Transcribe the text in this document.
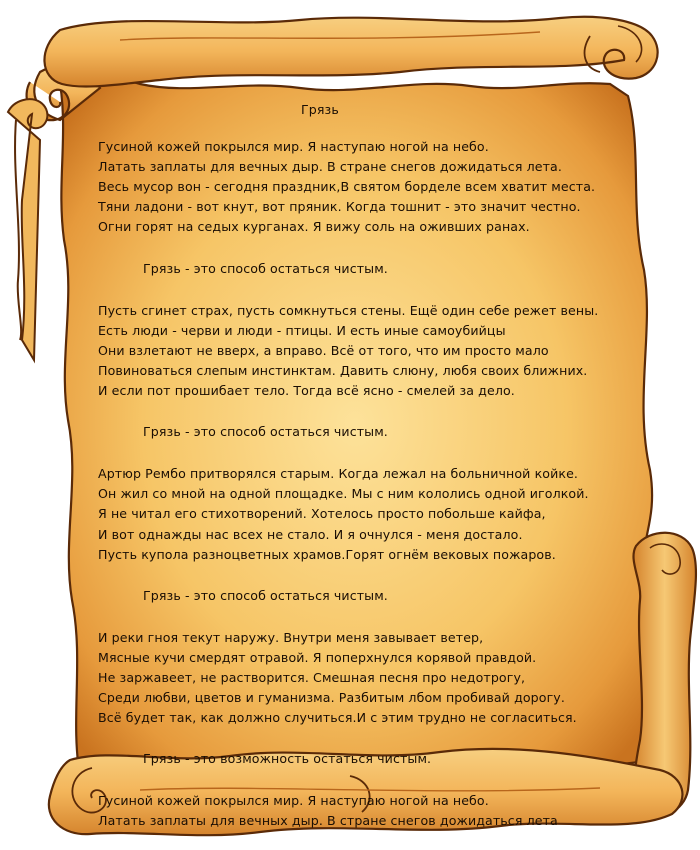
Грязь
Гусиной кожей покрылся мир. Я наступаю ногой на небо.
Латать заплаты для вечных дыр. В стране снегов дожидаться лета.
Весь мусор вон - сегодня праздник,В святом борделе всем хватит места.
Тяни ладони - вот кнут, вот пряник. Когда тошнит - это значит честно.
Огни горят на седых курганах. Я вижу соль на оживших ранах.
Грязь - это способ остаться чистым.
Пусть сгинет страх, пусть сомкнуться стены. Ещё один себе режет вены.
Есть люди - черви и люди - птицы. И есть иные самоубийцы
Они взлетают не вверх, а вправо. Всё от того, что им просто мало
Повиноваться слепым инстинктам. Давить слюну, любя своих ближних.
И если пот прошибает тело. Тогда всё ясно - смелей за дело.
Грязь - это способ остаться чистым.
Артюр Рембо притворялся старым. Когда лежал на больничной койке.
Он жил со мной на одной площадке. Мы с ним кололись одной иголкой.
Я не читал его стихотворений. Хотелось просто побольше кайфа,
И вот однажды нас всех не стало. И я очнулся - меня достало.
Пусть купола разноцветных храмов.Горят огнём вековых пожаров.
Грязь - это способ остаться чистым.
И реки гноя текут наружу. Внутри меня завывает ветер,
Мясные кучи смердят отравой. Я поперхнулся корявой правдой.
Не заржавеет, не растворится. Смешная песня про недотрогу,
Среди любви, цветов и гуманизма. Разбитым лбом пробивай дорогу.
Всё будет так, как должно случиться.И с этим трудно не согласиться.
Грязь - это возможность остаться чистым.
Гусиной кожей покрылся мир. Я наступаю ногой на небо.
Латать заплаты для вечных дыр. В стране снегов дожидаться лета
